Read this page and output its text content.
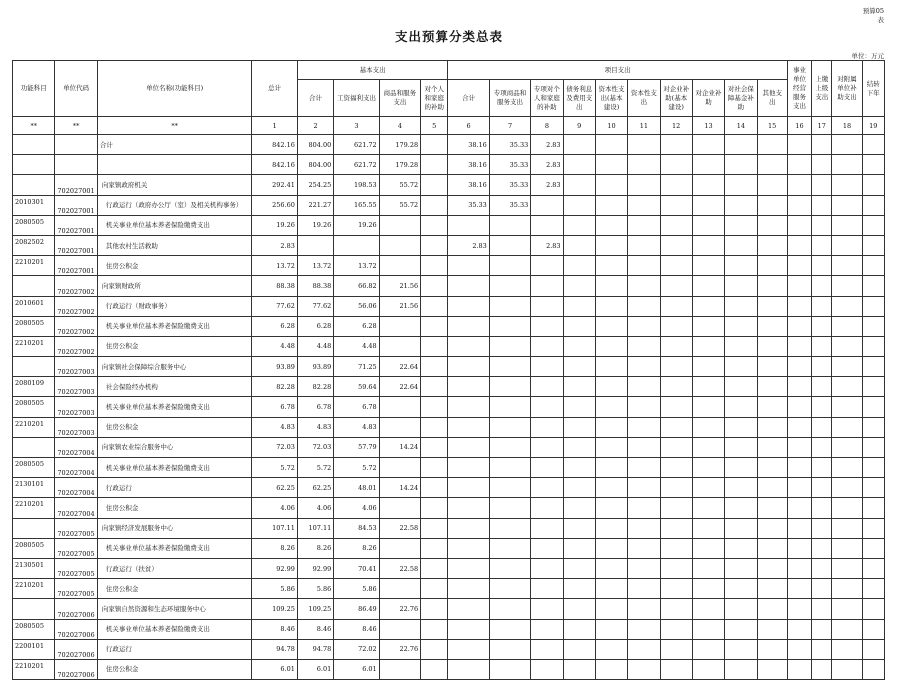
预算05
表
支出预算分类总表
单位：万元
功能科目	单位代码	单位名称(功能科目)	总计	基本支出				项目支出										事业单位经营服务支出	上缴上级支出	对附属单位补助支出	结转下年
				合计	工资福利支出	商品和服务支出	对个人和家庭的补助	合计	专项商品和服务支出	专项对个人和家庭的补助	债务利息及费用支出	资本性支出(基本建设)	资本性支出	对企业补助(基本建设)	对企业补助	对社会保障基金补助	其他支出				
**	**	**	1	2	3	4	5	6	7	8	9	10	11	12	13	14	15	16	17	18	19
		合计	842.16	804.00	621.72	179.28		38.16	35.33	2.83											
			842.16	804.00	621.72	179.28		38.16	35.33	2.83											
	702027001	向家镇政府机关	292.41	254.25	198.53	55.72		38.16	35.33	2.83											
2010301	702027001	行政运行（政府办公厅（室）及相关机构事务）	256.60	221.27	165.55	55.72		35.33	35.33												
2080505	702027001	机关事业单位基本养老保险缴费支出	19.26	19.26	19.26																
2082502	702027001	其他农村生活救助	2.83					2.83		2.83											
2210201	702027001	住房公积金	13.72	13.72	13.72																
	702027002	向家镇财政所	88.38	88.38	66.82	21.56															
2010601	702027002	行政运行（财政事务）	77.62	77.62	56.06	21.56															
2080505	702027002	机关事业单位基本养老保险缴费支出	6.28	6.28	6.28																
2210201	702027002	住房公积金	4.48	4.48	4.48																
	702027003	向家镇社会保障综合服务中心	93.89	93.89	71.25	22.64															
2080109	702027003	社会保险经办机构	82.28	82.28	59.64	22.64															
2080505	702027003	机关事业单位基本养老保险缴费支出	6.78	6.78	6.78																
2210201	702027003	住房公积金	4.83	4.83	4.83																
	702027004	向家镇农业综合服务中心	72.03	72.03	57.79	14.24															
2080505	702027004	机关事业单位基本养老保险缴费支出	5.72	5.72	5.72																
2130101	702027004	行政运行	62.25	62.25	48.01	14.24															
2210201	702027004	住房公积金	4.06	4.06	4.06																
	702027005	向家镇经济发展服务中心	107.11	107.11	84.53	22.58															
2080505	702027005	机关事业单位基本养老保险缴费支出	8.26	8.26	8.26																
2130501	702027005	行政运行（扶贫）	92.99	92.99	70.41	22.58															
2210201	702027005	住房公积金	5.86	5.86	5.86																
	702027006	向家镇自然资源和生态环境服务中心	109.25	109.25	86.49	22.76															
2080505	702027006	机关事业单位基本养老保险缴费支出	8.46	8.46	8.46																
2200101	702027006	行政运行	94.78	94.78	72.02	22.76															
2210201	702027006	住房公积金	6.01	6.01	6.01																
